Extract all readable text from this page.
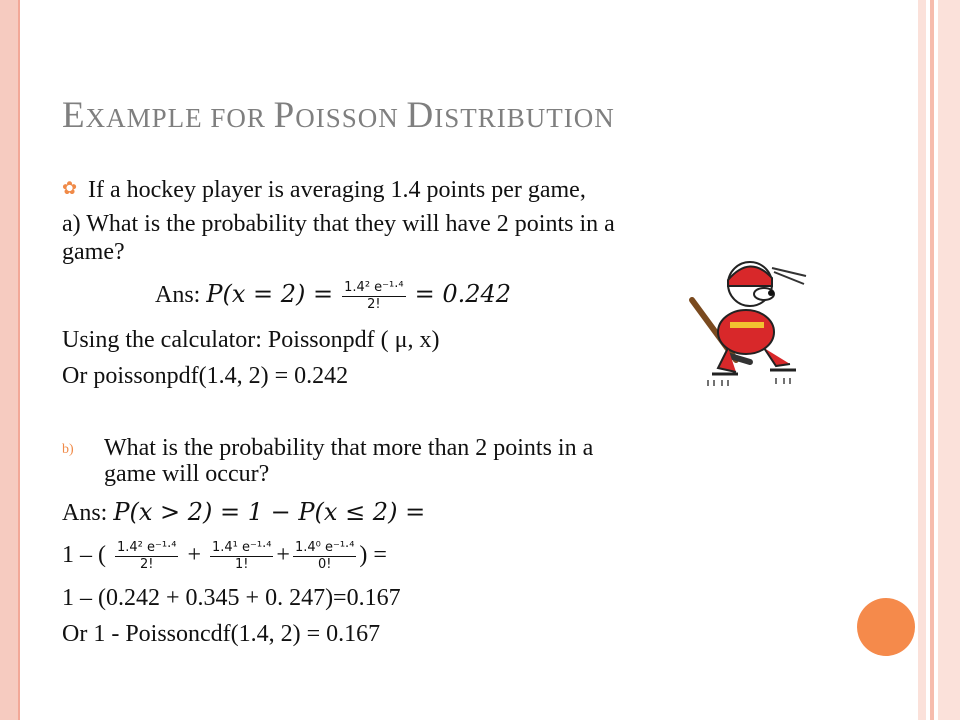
EXAMPLE FOR POISSON DISTRIBUTION
✿ If a hockey player is averaging 1.4 points per game,
a) What is the probability that they will have 2 points in a
game?
Ans: $P(x = 2) = \frac{\text{1.4² e⁻¹·⁴}}{2!} = 0.242$
Using the calculator: Poissonpdf ( μ, x)
Or poissonpdf(1.4, 2) = 0.242
b) What is the probability that more than 2 points in a
game will occur?
Ans: P(x > 2) = 1 − P(x ≤ 2) =
1 – ( $\frac{\text{1.4² e⁻¹·⁴}}{2!} + \frac{\text{1.4¹ e⁻¹·⁴}}{1!} + \frac{\text{1.4⁰ e⁻¹·⁴}}{0!}$ ) =
1 – (0.242 + 0.345 + 0. 247)=0.167
Or 1 - Poissoncdf(1.4, 2) = 0.167
